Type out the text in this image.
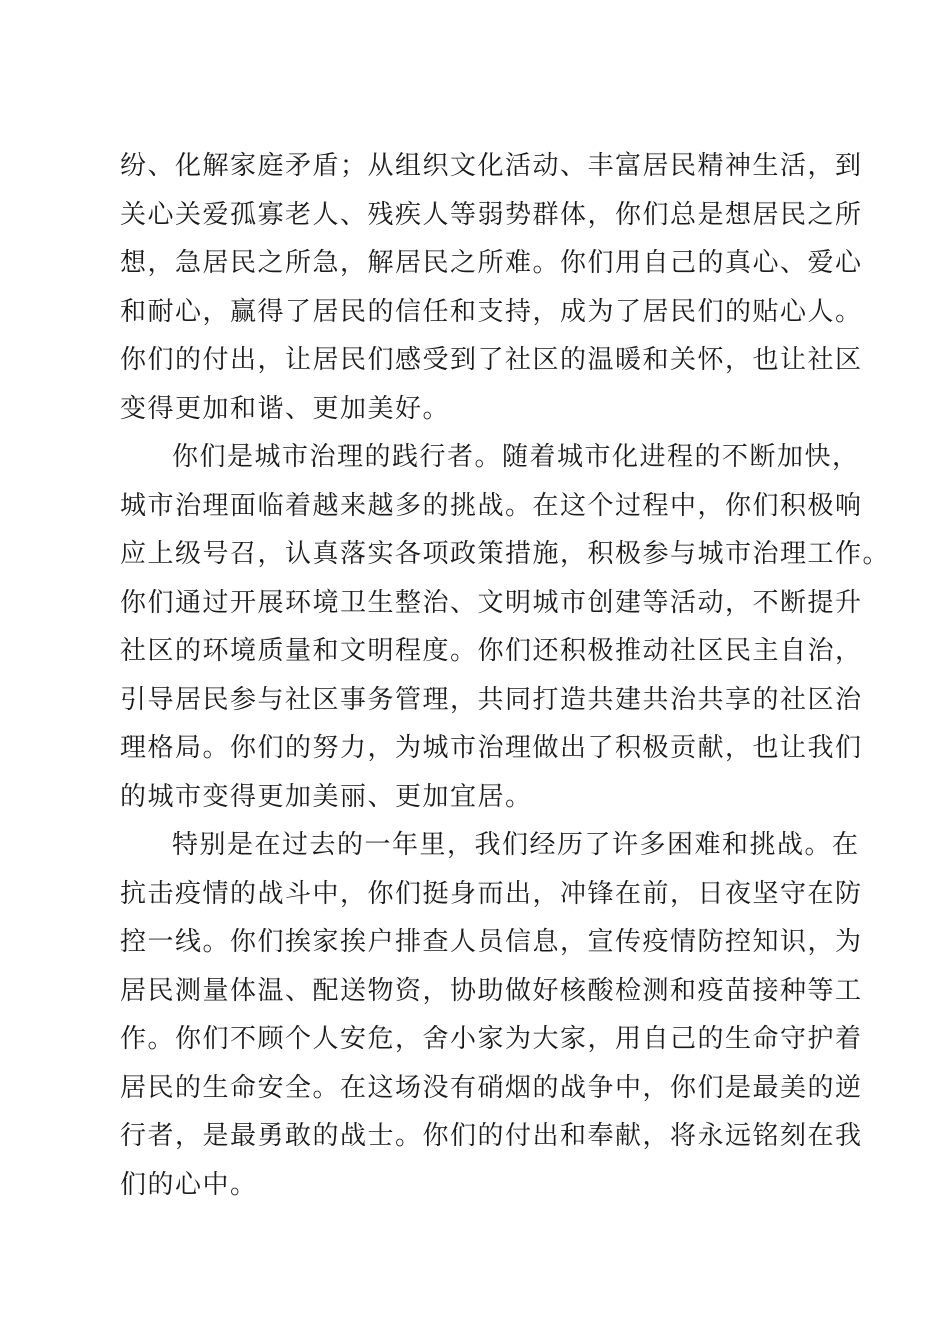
纷、化解家庭矛盾；从组织文化活动、丰富居民精神生活，到
关心关爱孤寡老人、残疾人等弱势群体，你们总是想居民之所
想，急居民之所急，解居民之所难。你们用自己的真心、爱心
和耐心，赢得了居民的信任和支持，成为了居民们的贴心人。
你们的付出，让居民们感受到了社区的温暖和关怀，也让社区
变得更加和谐、更加美好。
你们是城市治理的践行者。随着城市化进程的不断加快，
城市治理面临着越来越多的挑战。在这个过程中，你们积极响
应上级号召，认真落实各项政策措施，积极参与城市治理工作。
你们通过开展环境卫生整治、文明城市创建等活动，不断提升
社区的环境质量和文明程度。你们还积极推动社区民主自治，
引导居民参与社区事务管理，共同打造共建共治共享的社区治
理格局。你们的努力，为城市治理做出了积极贡献，也让我们
的城市变得更加美丽、更加宜居。
特别是在过去的一年里，我们经历了许多困难和挑战。在
抗击疫情的战斗中，你们挺身而出，冲锋在前，日夜坚守在防
控一线。你们挨家挨户排查人员信息，宣传疫情防控知识，为
居民测量体温、配送物资，协助做好核酸检测和疫苗接种等工
作。你们不顾个人安危，舍小家为大家，用自己的生命守护着
居民的生命安全。在这场没有硝烟的战争中，你们是最美的逆
行者，是最勇敢的战士。你们的付出和奉献，将永远铭刻在我
们的心中。
